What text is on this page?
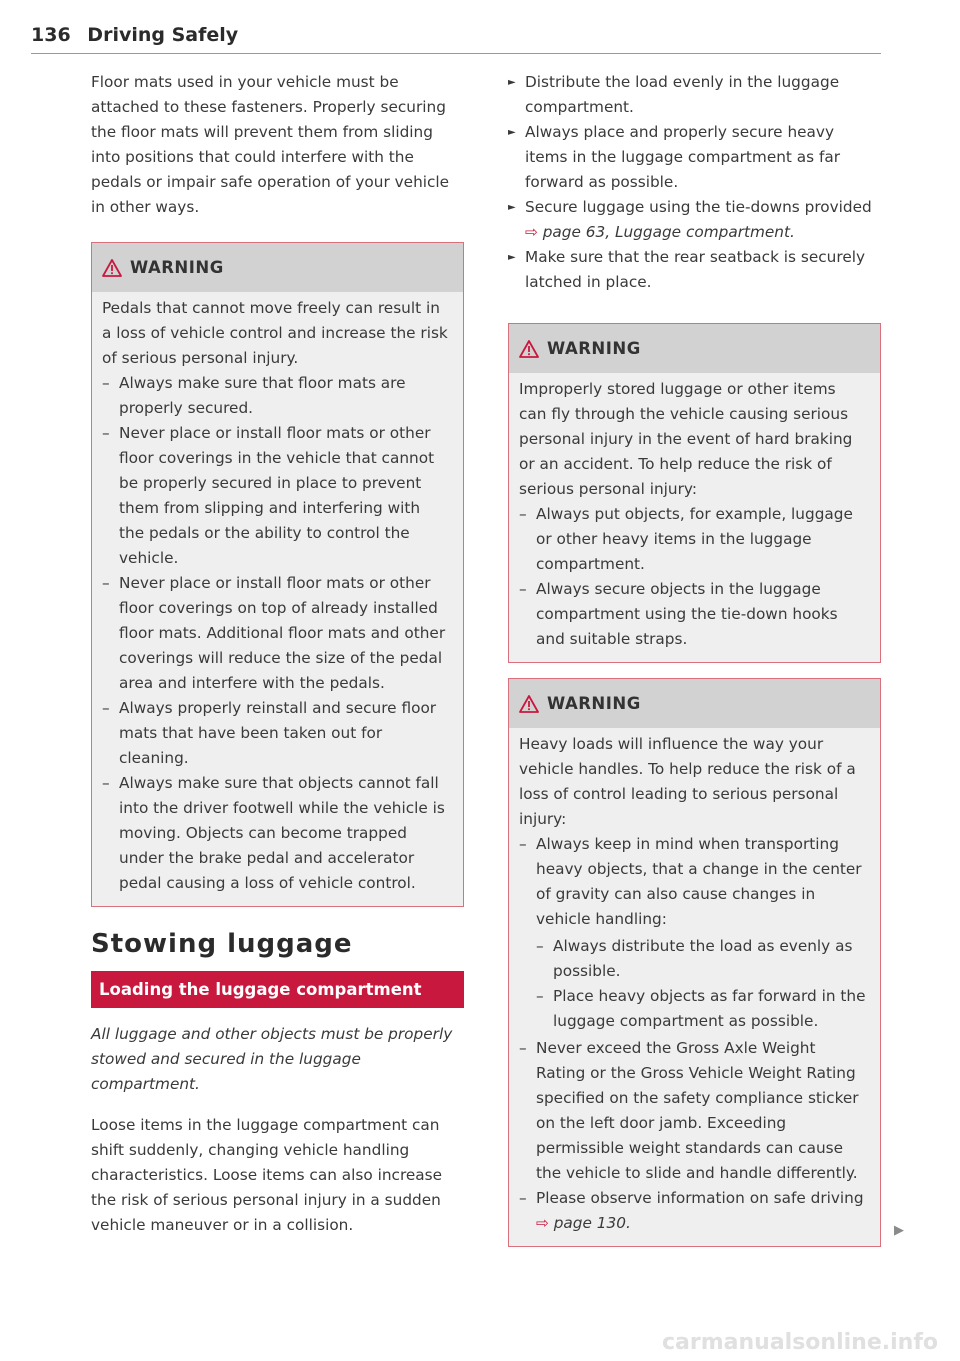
136 Driving Safely

Floor mats used in your vehicle must be attached to these fasteners. Properly securing the floor mats will prevent them from sliding into positions that could interfere with the pedals or impair safe operation of your vehicle in other ways.

WARNING

Pedals that cannot move freely can result in a loss of vehicle control and increase the risk of serious personal injury.

– Always make sure that floor mats are properly secured.
– Never place or install floor mats or other floor coverings in the vehicle that cannot be properly secured in place to prevent them from slipping and interfering with the pedals or the ability to control the vehicle.
– Never place or install floor mats or other floor coverings on top of already installed floor mats. Additional floor mats and other coverings will reduce the size of the pedal area and interfere with the pedals.
– Always properly reinstall and secure floor mats that have been taken out for cleaning.
– Always make sure that objects cannot fall into the driver footwell while the vehicle is moving. Objects can become trapped under the brake pedal and accelerator pedal causing a loss of vehicle control.
Stowing luggage
Loading the luggage compartment

All luggage and other objects must be properly stowed and secured in the luggage compartment.

Loose items in the luggage compartment can shift suddenly, changing vehicle handling characteristics. Loose items can also increase the risk of serious personal injury in a sudden vehicle maneuver or in a collision.

► Distribute the load evenly in the luggage compartment.
► Always place and properly secure heavy items in the luggage compartment as far forward as possible.
► Secure luggage using the tie-downs provided ⇨ page 63, Luggage compartment.
► Make sure that the rear seatback is securely latched in place.
WARNING

Improperly stored luggage or other items can fly through the vehicle causing serious personal injury in the event of hard braking or an accident. To help reduce the risk of serious personal injury:

– Always put objects, for example, luggage or other heavy items in the luggage compartment.
– Always secure objects in the luggage compartment using the tie-down hooks and suitable straps.
WARNING

Heavy loads will influence the way your vehicle handles. To help reduce the risk of a loss of control leading to serious personal injury:

– Always keep in mind when transporting heavy objects, that a change in the center of gravity can also cause changes in vehicle handling:
– Always distribute the load as evenly as possible.
– Place heavy objects as far forward in the luggage compartment as possible.
– Never exceed the Gross Axle Weight Rating or the Gross Vehicle Weight Rating specified on the safety compliance sticker on the left door jamb. Exceeding permissible weight standards can cause the vehicle to slide and handle differently.
– Please observe information on safe driving ⇨ page 130.	▶
carmanualsonline.info
